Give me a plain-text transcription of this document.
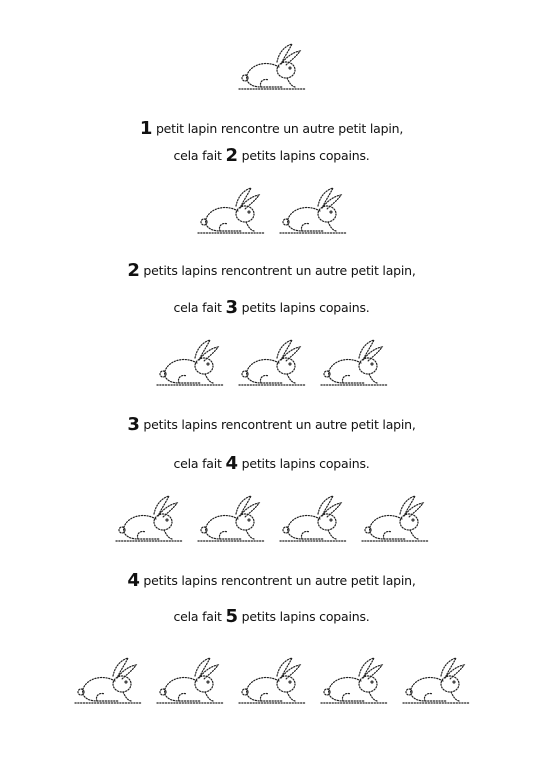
1 petit lapin rencontre un autre petit lapin,
cela fait 2 petits lapins copains.
2 petits lapins rencontrent un autre petit lapin,
cela fait 3 petits lapins copains.
3 petits lapins rencontrent un autre petit lapin,
cela fait 4 petits lapins copains.
4 petits lapins rencontrent un autre petit lapin,
cela fait 5 petits lapins copains.
